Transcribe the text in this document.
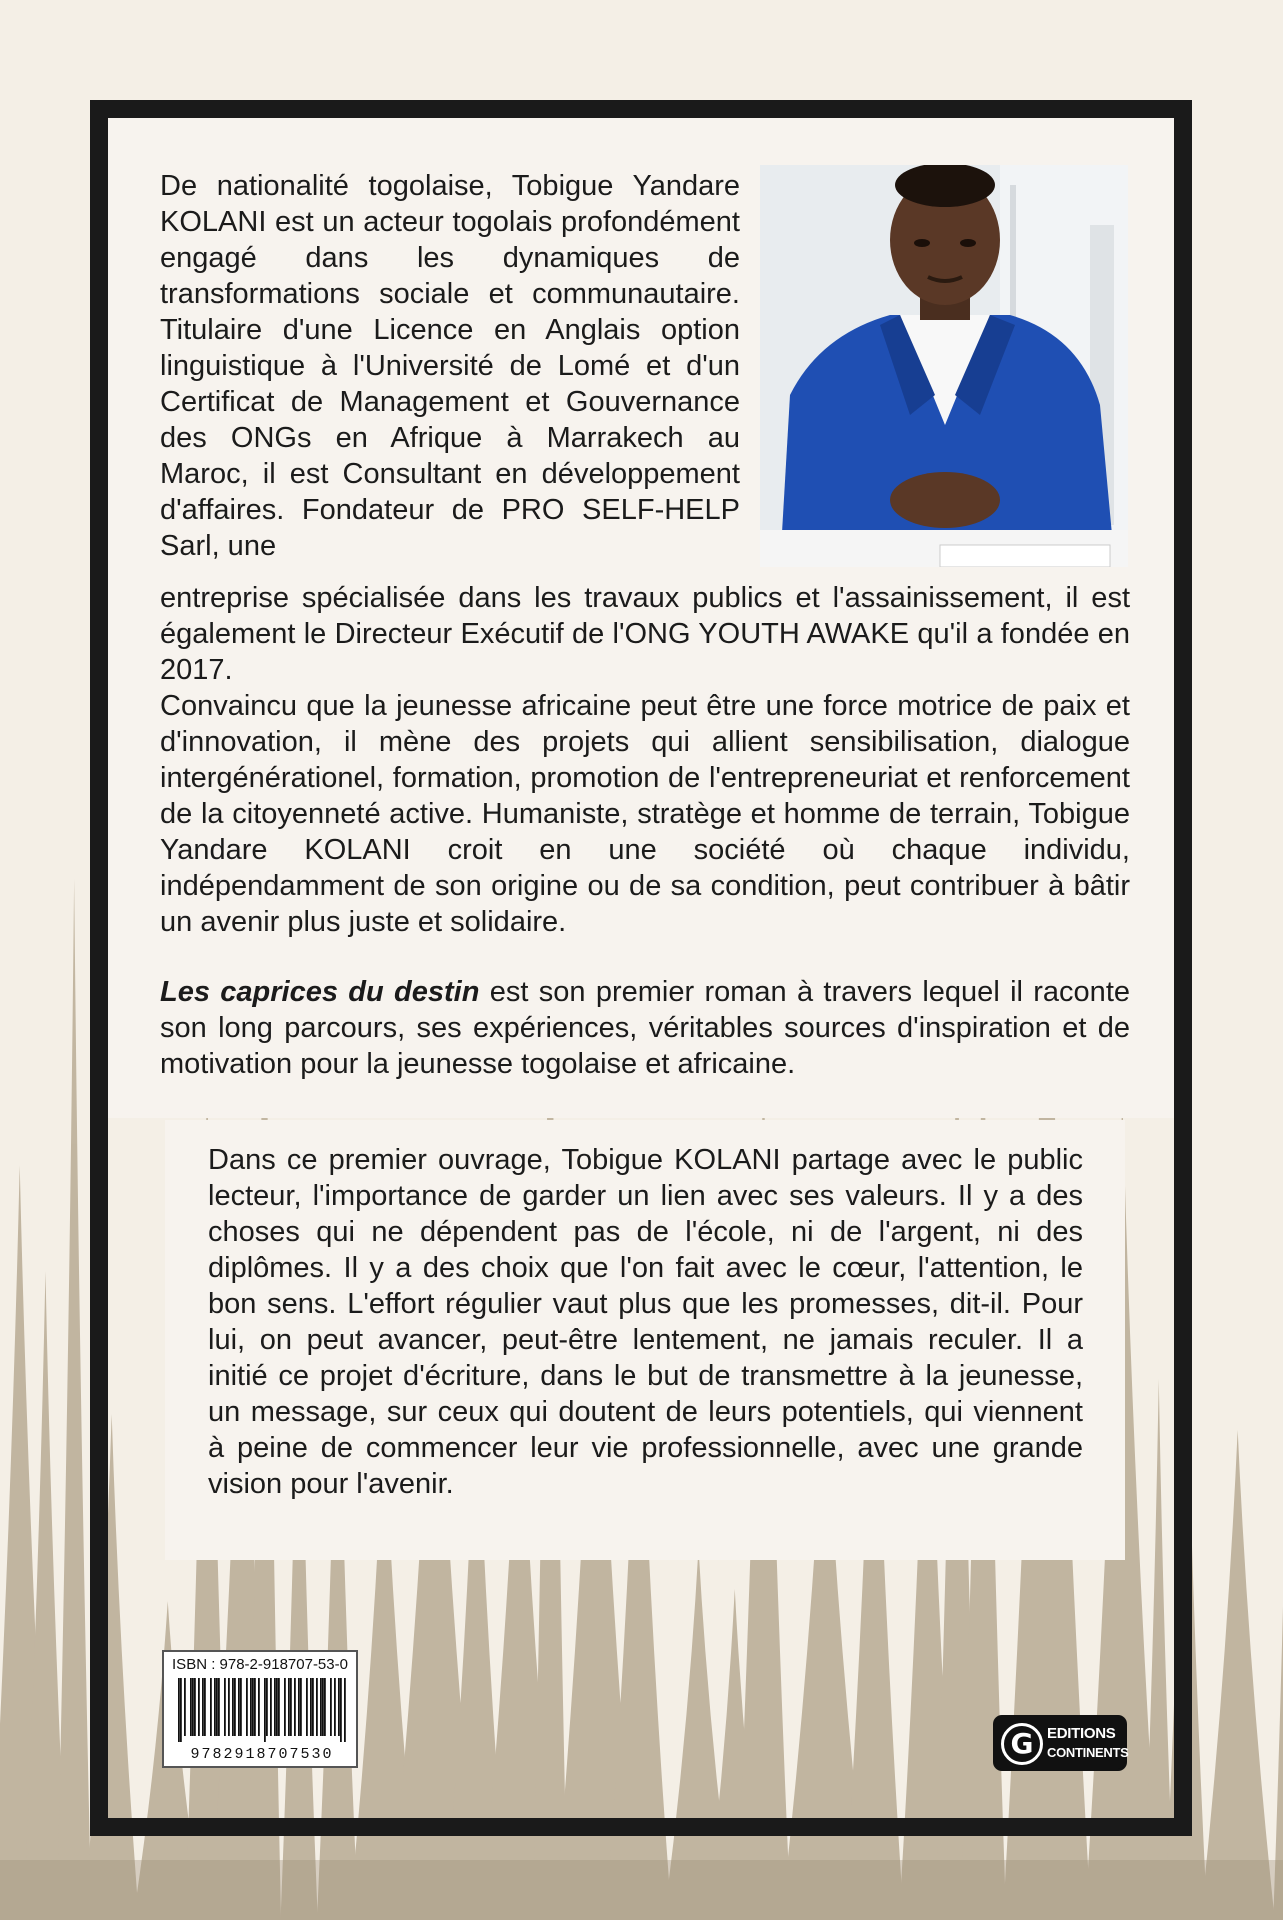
De nationalité togolaise, Tobigue Yandare KOLANI est un acteur togolais profondément engagé dans les dynamiques de transformations sociale et communautaire. Titulaire d'une Licence en Anglais option linguistique à l'Université de Lomé et d'un Certificat de Management et Gouvernance des ONGs en Afrique à Marrakech au Maroc, il est Consultant en développement d'affaires. Fondateur de PRO SELF-HELP Sarl, une

entreprise spécialisée dans les travaux publics et l'assainissement, il est également le Directeur Exécutif de l'ONG YOUTH AWAKE qu'il a fondée en 2017.

Convaincu que la jeunesse africaine peut être une force motrice de paix et d'innovation, il mène des projets qui allient sensibilisation, dialogue intergénérationel, formation, promotion de l'entrepreneuriat et renforcement de la citoyenneté active. Humaniste, stratège et homme de terrain, Tobigue Yandare KOLANI croit en une société où chaque individu, indépendamment de son origine ou de sa condition, peut contribuer à bâtir un avenir plus juste et solidaire.

Les caprices du destin est son premier roman à travers lequel il raconte son long parcours, ses expériences, véritables sources d'inspiration et de motivation pour la jeunesse togolaise et africaine.

Dans ce premier ouvrage, Tobigue KOLANI partage avec le public lecteur, l'importance de garder un lien avec ses valeurs. Il y a des choses qui ne dépendent pas de l'école, ni de l'argent, ni des diplômes. Il y a des choix que l'on fait avec le cœur, l'attention, le bon sens. L'effort régulier vaut plus que les promesses, dit-il. Pour lui, on peut avancer, peut-être lentement, ne jamais reculer. Il a initié ce projet d'écriture, dans le but de transmettre à la jeunesse, un message, sur ceux qui doutent de leurs potentiels, qui viennent à peine de commencer leur vie professionnelle, avec une grande vision pour l'avenir.

ISBN : 978-2-918707-53-0
9782918707530	G EDITIONS
CONTINENTS
